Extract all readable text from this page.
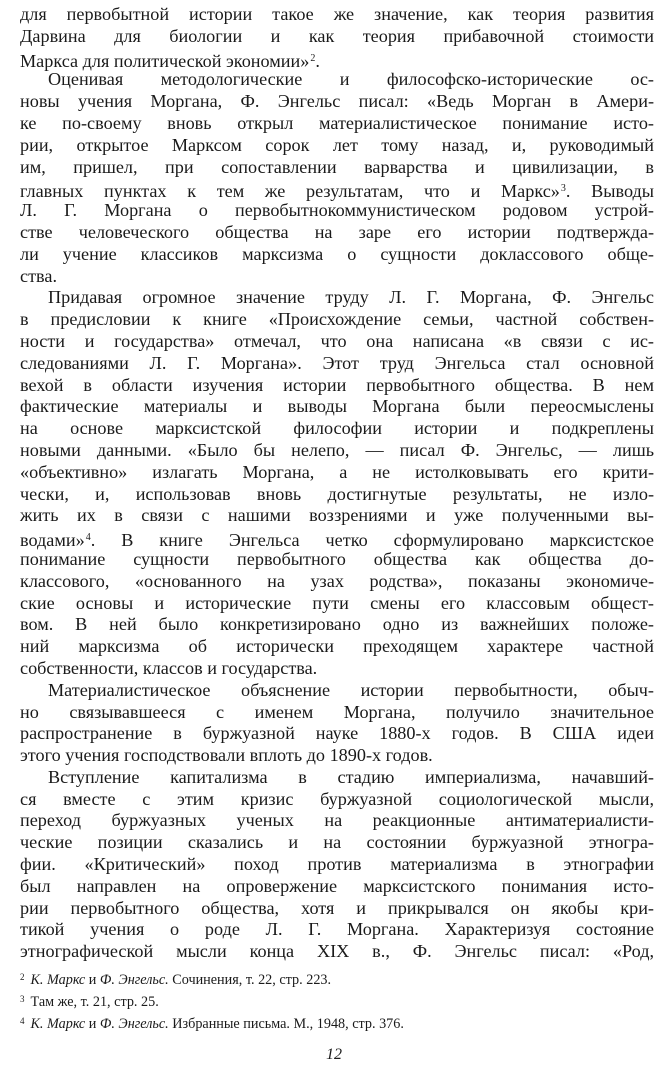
для первобытной истории такое же значение, как теория развития
Дарвина для биологии и как теория прибавочной стоимости
Маркса для политической экономии»$^2$.
Оценивая методологические и философско-исторические ос-
новы учения Моргана, Ф. Энгельс писал: «Ведь Морган в Амери-
ке по-своему вновь открыл материалистическое понимание исто-
рии, открытое Марксом сорок лет тому назад, и, руководимый
им, пришел, при сопоставлении варварства и цивилизации, в
главных пунктах к тем же результатам, что и Маркс»$^3$. Выводы
Л. Г. Моргана о первобытнокоммунистическом родовом устрой-
стве человеческого общества на заре его истории подтвержда-
ли учение классиков марксизма о сущности доклассового обще-
ства.
Придавая огромное значение труду Л. Г. Моргана, Ф. Энгельс
в предисловии к книге «Происхождение семьи, частной собствен-
ности и государства» отмечал, что она написана «в связи с ис-
следованиями Л. Г. Моргана». Этот труд Энгельса стал основной
вехой в области изучения истории первобытного общества. В нем
фактические материалы и выводы Моргана были переосмыслены
на основе марксистской философии истории и подкреплены
новыми данными. «Было бы нелепо, — писал Ф. Энгельс, — лишь
«объективно» излагать Моргана, а не истолковывать его крити-
чески, и, использовав вновь достигнутые результаты, не изло-
жить их в связи с нашими воззрениями и уже полученными вы-
водами»$^4$. В книге Энгельса четко сформулировано марксистское
понимание сущности первобытного общества как общества до-
классового, «основанного на узах родства», показаны экономиче-
ские основы и исторические пути смены его классовым общест-
вом. В ней было конкретизировано одно из важнейших положе-
ний марксизма об исторически преходящем характере частной
собственности, классов и государства.
Материалистическое объяснение истории первобытности, обыч-
но связывавшееся с именем Моргана, получило значительное
распространение в буржуазной науке 1880-х годов. В США идеи
этого учения господствовали вплоть до 1890-х годов.
Вступление капитализма в стадию империализма, начавший-
ся вместе с этим кризис буржуазной социологической мысли,
переход буржуазных ученых на реакционные антиматериалисти-
ческие позиции сказались и на состоянии буржуазной этногра-
фии. «Критический» поход против материализма в этнографии
был направлен на опровержение марксистского понимания исто-
рии первобытного общества, хотя и прикрывался он якобы кри-
тикой учения о роде Л. Г. Моргана. Характеризуя состояние
этнографической мысли конца XIX в., Ф. Энгельс писал: «Род,
$^2$ К. Маркс и Ф. Энгельс. Сочинения, т. 22, стр. 223.
$^3$ Там же, т. 21, стр. 25.
$^4$ К. Маркс и Ф. Энгельс. Избранные письма. М., 1948, стр. 376.
12
